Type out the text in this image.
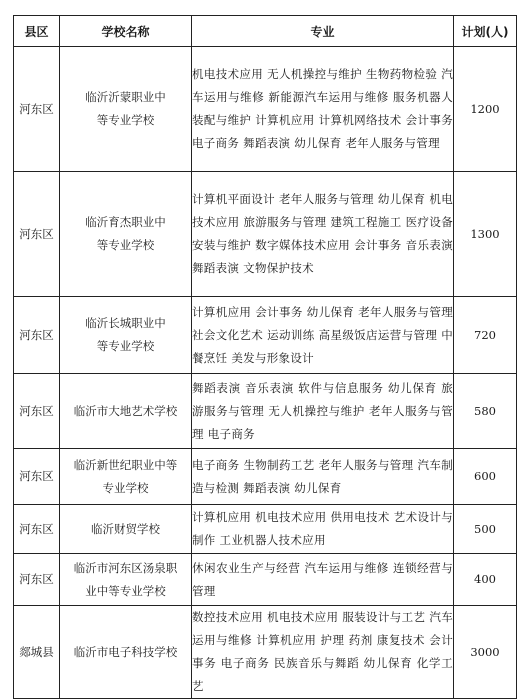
县区	学校名称	专业	计划(人)
河东区	临沂沂蒙职业中等专业学校	机电技术应用 无人机操控与维护 生物药物检验 汽车运用与维修 新能源汽车运用与维修 服务机器人装配与维护 计算机应用 计算机网络技术 会计事务 电子商务 舞蹈表演 幼儿保育 老年人服务与管理	1200
河东区	临沂育杰职业中等专业学校	计算机平面设计 老年人服务与管理 幼儿保育 机电技术应用 旅游服务与管理 建筑工程施工 医疗设备安装与维护 数字媒体技术应用 会计事务 音乐表演 舞蹈表演 文物保护技术	1300
河东区	临沂长城职业中等专业学校	计算机应用 会计事务 幼儿保育 老年人服务与管理 社会文化艺术 运动训练 高星级饭店运营与管理 中餐烹饪 美发与形象设计	720
河东区	临沂市大地艺术学校	舞蹈表演 音乐表演 软件与信息服务 幼儿保育 旅游服务与管理 无人机操控与维护 老年人服务与管理 电子商务	580
河东区	临沂新世纪职业中等专业学校	电子商务 生物制药工艺 老年人服务与管理 汽车制造与检测 舞蹈表演 幼儿保育	600
河东区	临沂财贸学校	计算机应用 机电技术应用 供用电技术 艺术设计与制作 工业机器人技术应用	500
河东区	临沂市河东区汤泉职业中等专业学校	休闲农业生产与经营 汽车运用与维修 连锁经营与管理	400
郯城县	临沂市电子科技学校	数控技术应用 机电技术应用 服装设计与工艺 汽车运用与维修 计算机应用 护理 药剂 康复技术 会计事务 电子商务 民族音乐与舞蹈 幼儿保育 化学工艺	3000
